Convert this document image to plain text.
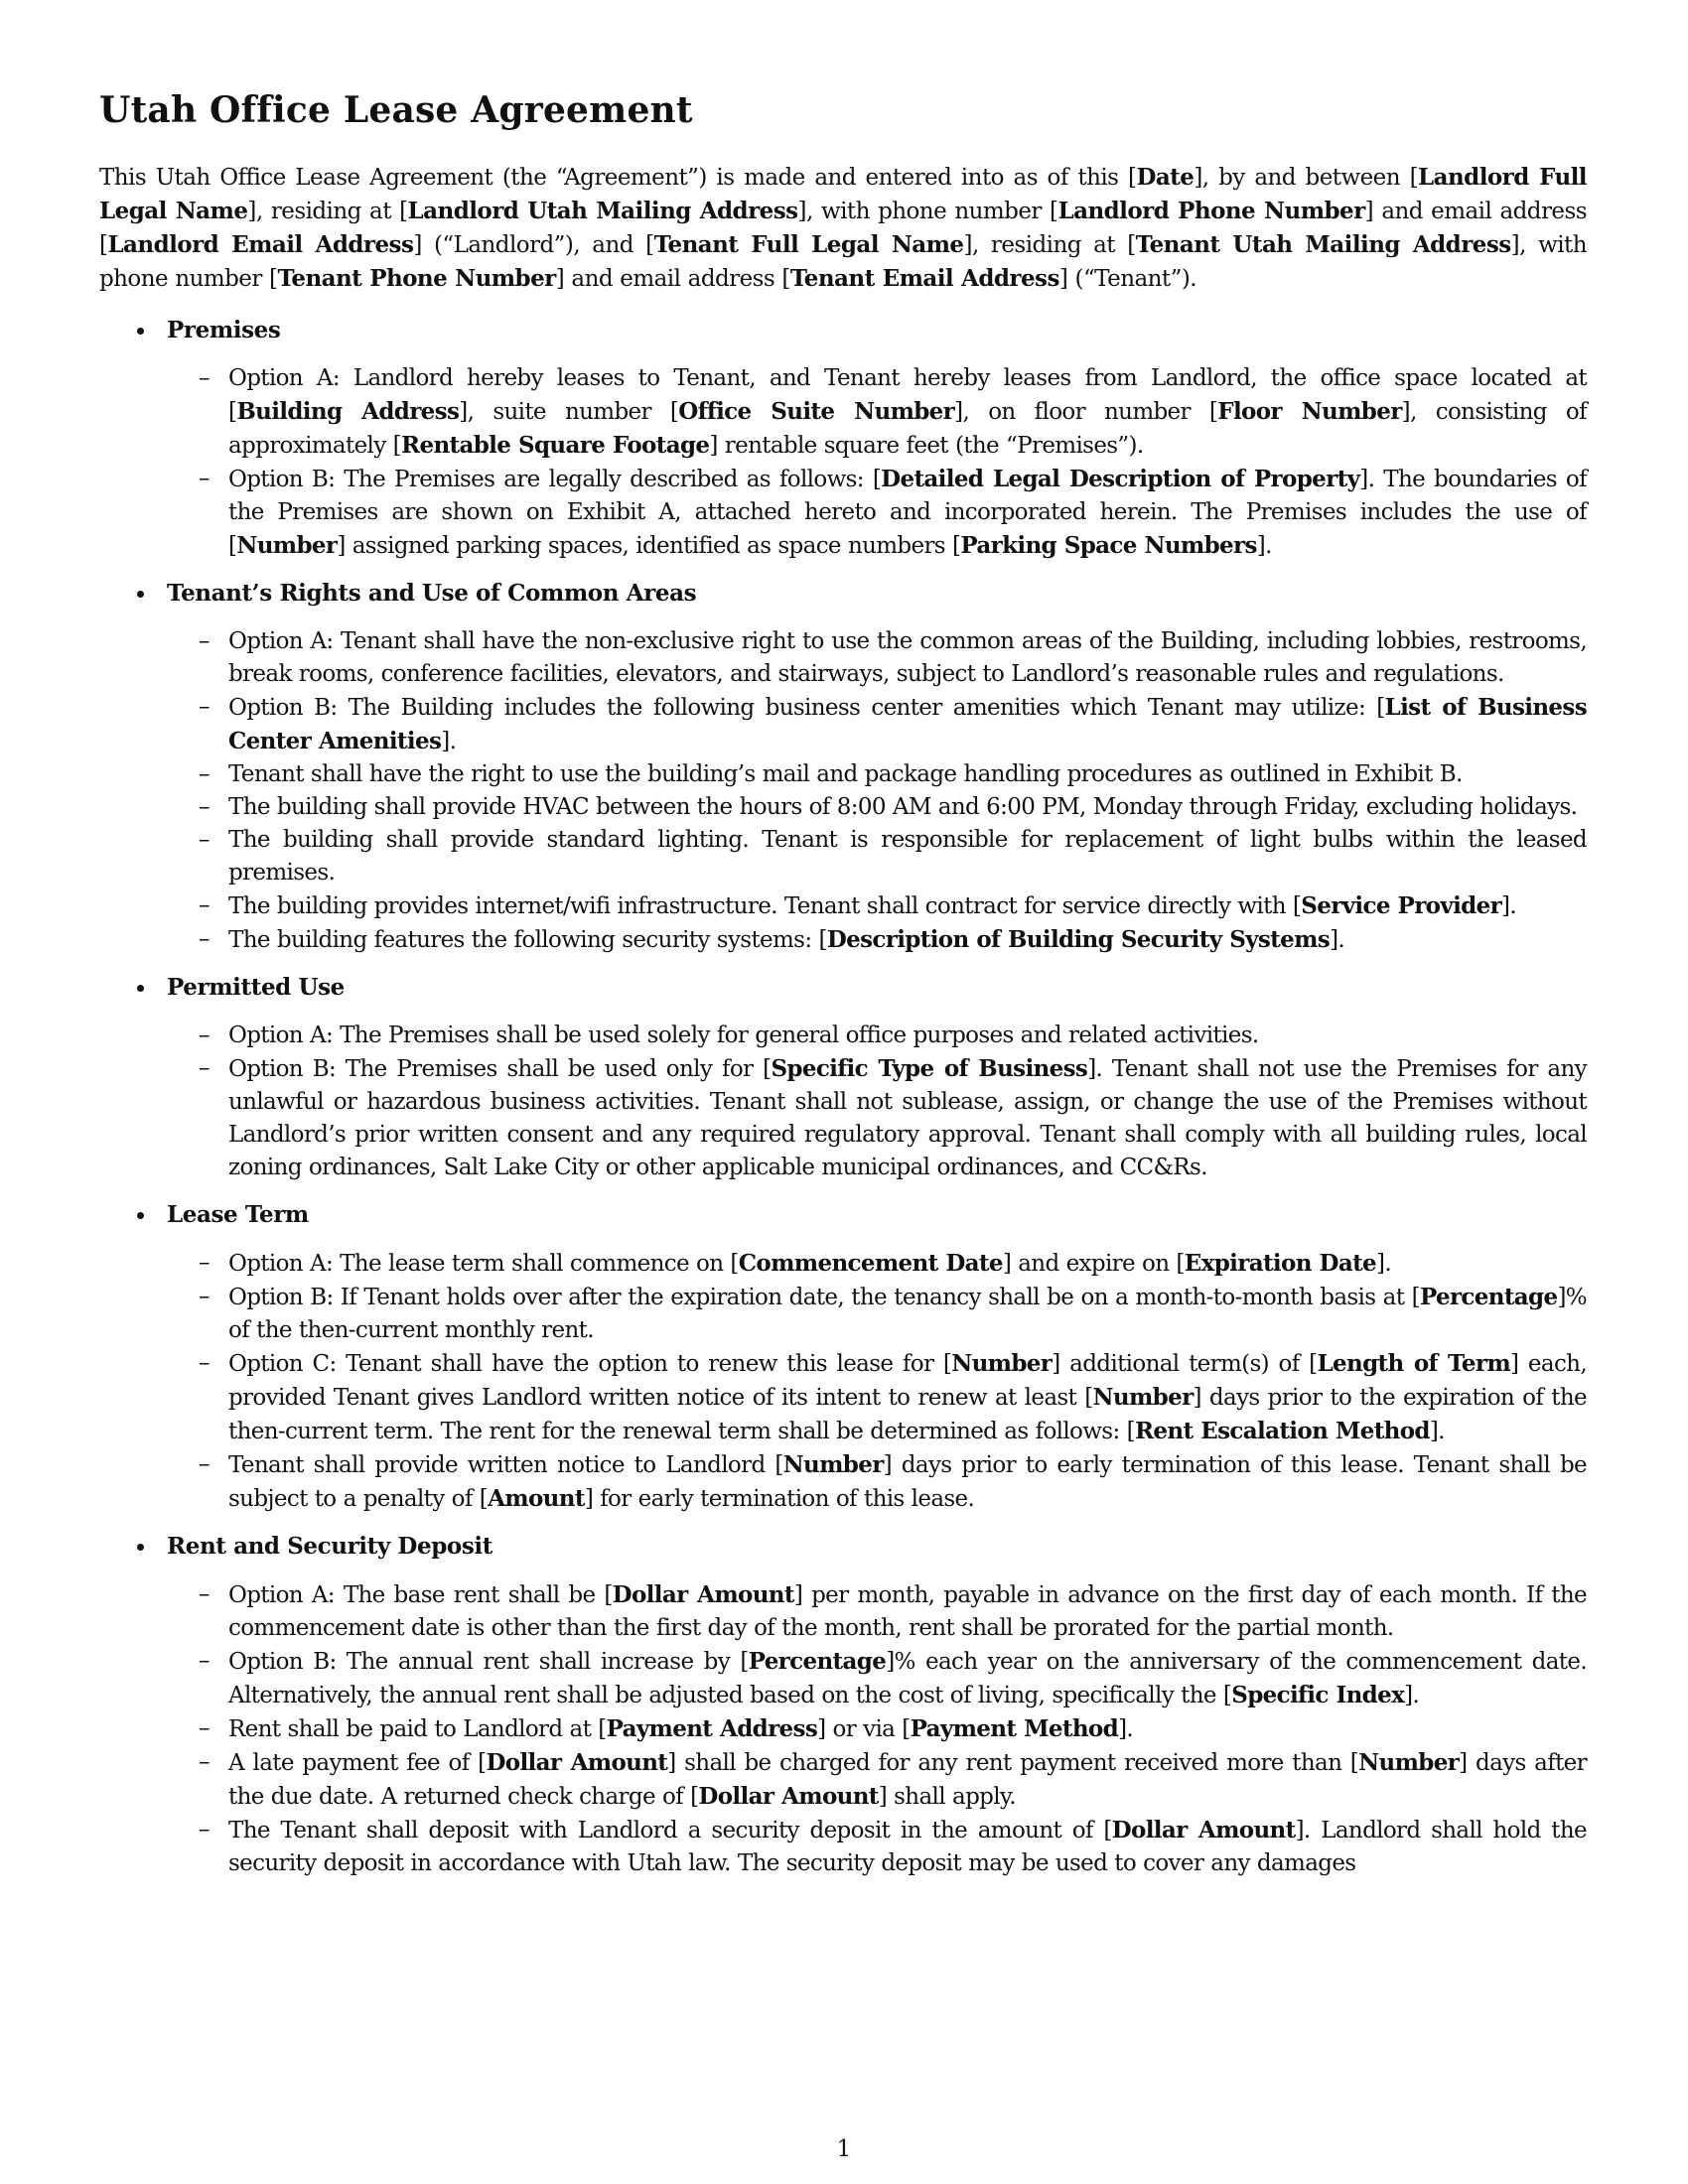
Utah Office Lease Agreement

This Utah Office Lease Agreement (the “Agreement”) is made and entered into as of this [Date], by and between [Landlord Full Legal Name], residing at [Landlord Utah Mailing Address], with phone number [Landlord Phone Number] and email address [Landlord Email Address] (“Landlord”), and [Tenant Full Legal Name], residing at [Tenant Utah Mailing Address], with phone number [Tenant Phone Number] and email address [Tenant Email Address] (“Tenant”).

Premises
– Option A: Landlord hereby leases to Tenant, and Tenant hereby leases from Landlord, the office space located at [Building Address], suite number [Office Suite Number], on floor number [Floor Number], consisting of approximately [Rentable Square Footage] rentable square feet (the “Premises”).
– Option B: The Premises are legally described as follows: [Detailed Legal Description of Property]. The boundaries of the Premises are shown on Exhibit A, attached hereto and incorporated herein. The Premises includes the use of [Number] assigned parking spaces, identified as space numbers [Parking Space Numbers].
Tenant’s Rights and Use of Common Areas
– Option A: Tenant shall have the non-exclusive right to use the common areas of the Building, including lobbies, restrooms, break rooms, conference facilities, elevators, and stairways, subject to Landlord’s reasonable rules and regulations.
– Option B: The Building includes the following business center amenities which Tenant may utilize: [List of Business Center Amenities].
– Tenant shall have the right to use the building’s mail and package handling procedures as outlined in Exhibit B.
– The building shall provide HVAC between the hours of 8:00 AM and 6:00 PM, Monday through Friday, excluding holidays.
– The building shall provide standard lighting. Tenant is responsible for replacement of light bulbs within the leased premises.
– The building provides internet/wifi infrastructure. Tenant shall contract for service directly with [Service Provider].
– The building features the following security systems: [Description of Building Security Systems].
Permitted Use
– Option A: The Premises shall be used solely for general office purposes and related activities.
– Option B: The Premises shall be used only for [Specific Type of Business]. Tenant shall not use the Premises for any unlawful or hazardous business activities. Tenant shall not sublease, assign, or change the use of the Premises without Landlord’s prior written consent and any required regulatory approval. Tenant shall comply with all building rules, local zoning ordinances, Salt Lake City or other applicable municipal ordinances, and CC&Rs.
Lease Term
– Option A: The lease term shall commence on [Commencement Date] and expire on [Expiration Date].
– Option B: If Tenant holds over after the expiration date, the tenancy shall be on a month-to-month basis at [Percentage]% of the then-current monthly rent.
– Option C: Tenant shall have the option to renew this lease for [Number] additional term(s) of [Length of Term] each, provided Tenant gives Landlord written notice of its intent to renew at least [Number] days prior to the expiration of the then-current term. The rent for the renewal term shall be determined as follows: [Rent Escalation Method].
– Tenant shall provide written notice to Landlord [Number] days prior to early termination of this lease. Tenant shall be subject to a penalty of [Amount] for early termination of this lease.
Rent and Security Deposit
– Option A: The base rent shall be [Dollar Amount] per month, payable in advance on the first day of each month. If the commencement date is other than the first day of the month, rent shall be prorated for the partial month.
– Option B: The annual rent shall increase by [Percentage]% each year on the anniversary of the commencement date. Alternatively, the annual rent shall be adjusted based on the cost of living, specifically the [Specific Index].
– Rent shall be paid to Landlord at [Payment Address] or via [Payment Method].
– A late payment fee of [Dollar Amount] shall be charged for any rent payment received more than [Number] days after the due date. A returned check charge of [Dollar Amount] shall apply.
– The Tenant shall deposit with Landlord a security deposit in the amount of [Dollar Amount]. Landlord shall hold the security deposit in accordance with Utah law. The security deposit may be used to cover any damages
1
